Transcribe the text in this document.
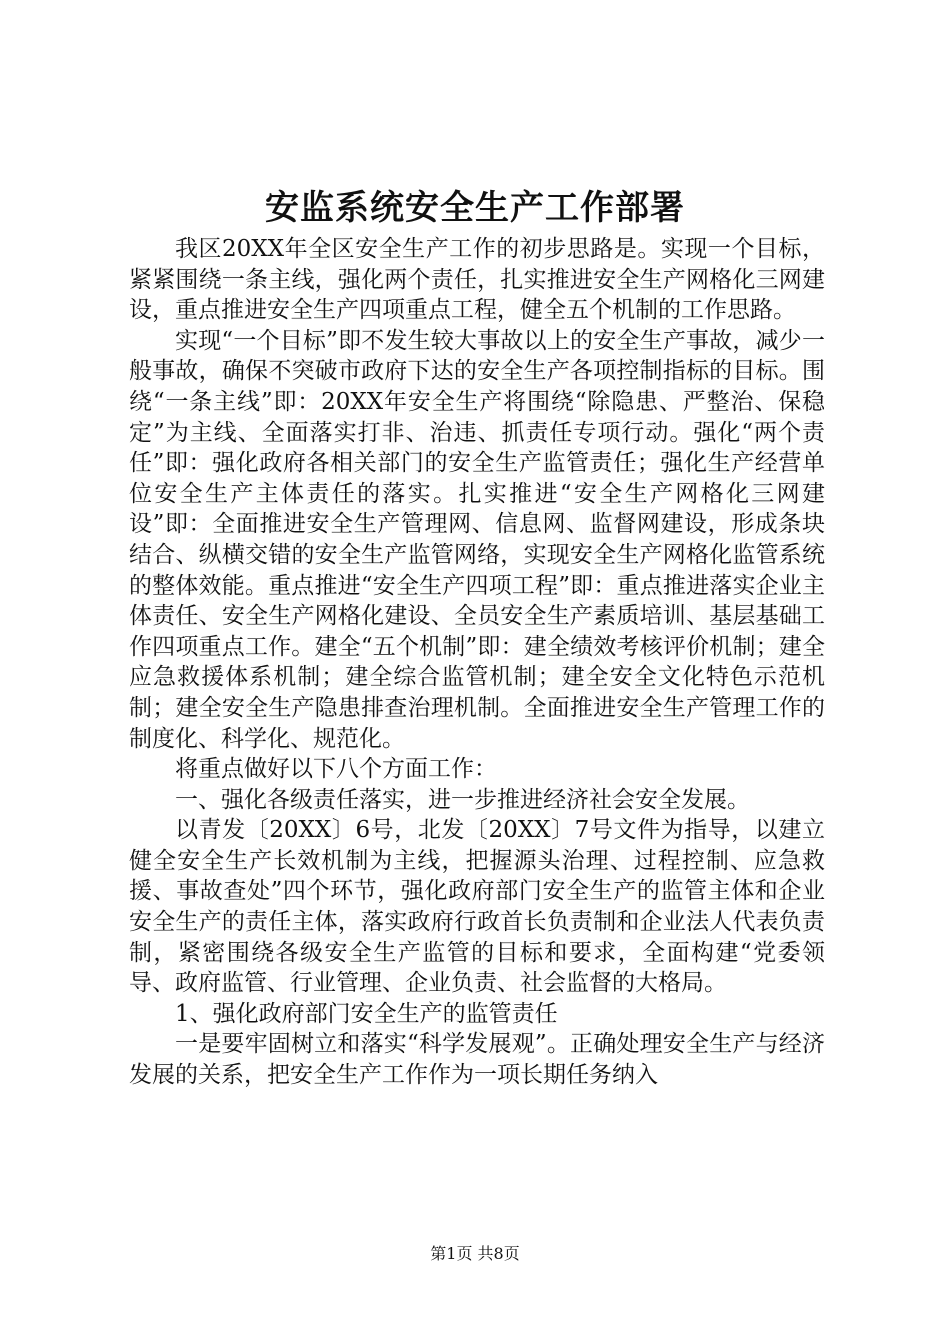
安监系统安全生产工作部署

我区20XX年全区安全生产工作的初步思路是。实现一个目标，紧紧围绕一条主线，强化两个责任，扎实推进安全生产网格化三网建设，重点推进安全生产四项重点工程，健全五个机制的工作思路。

实现“一个目标”即不发生较大事故以上的安全生产事故，减少一般事故，确保不突破市政府下达的安全生产各项控制指标的目标。围绕“一条主线”即：20XX年安全生产将围绕“除隐患、严整治、保稳定”为主线、全面落实打非、治违、抓责任专项行动。强化“两个责任”即：强化政府各相关部门的安全生产监管责任；强化生产经营单位安全生产主体责任的落实。扎实推进“安全生产网格化三网建设”即：全面推进安全生产管理网、信息网、监督网建设，形成条块结合、纵横交错的安全生产监管网络，实现安全生产网格化监管系统的整体效能。重点推进“安全生产四项工程”即：重点推进落实企业主体责任、安全生产网格化建设、全员安全生产素质培训、基层基础工作四项重点工作。建全“五个机制”即：建全绩效考核评价机制；建全应急救援体系机制；建全综合监管机制；建全安全文化特色示范机制；建全安全生产隐患排查治理机制。全面推进安全生产管理工作的制度化、科学化、规范化。

将重点做好以下八个方面工作：

一、强化各级责任落实，进一步推进经济社会安全发展。

以青发〔20XX〕6号，北发〔20XX〕7号文件为指导，以建立健全安全生产长效机制为主线，把握源头治理、过程控制、应急救援、事故查处”四个环节，强化政府部门安全生产的监管主体和企业安全生产的责任主体，落实政府行政首长负责制和企业法人代表负责制，紧密围绕各级安全生产监管的目标和要求，全面构建“党委领导、政府监管、行业管理、企业负责、社会监督的大格局。

1、强化政府部门安全生产的监管责任

一是要牢固树立和落实“科学发展观”。正确处理安全生产与经济发展的关系，把安全生产工作作为一项长期任务纳入

第1页 共8页
